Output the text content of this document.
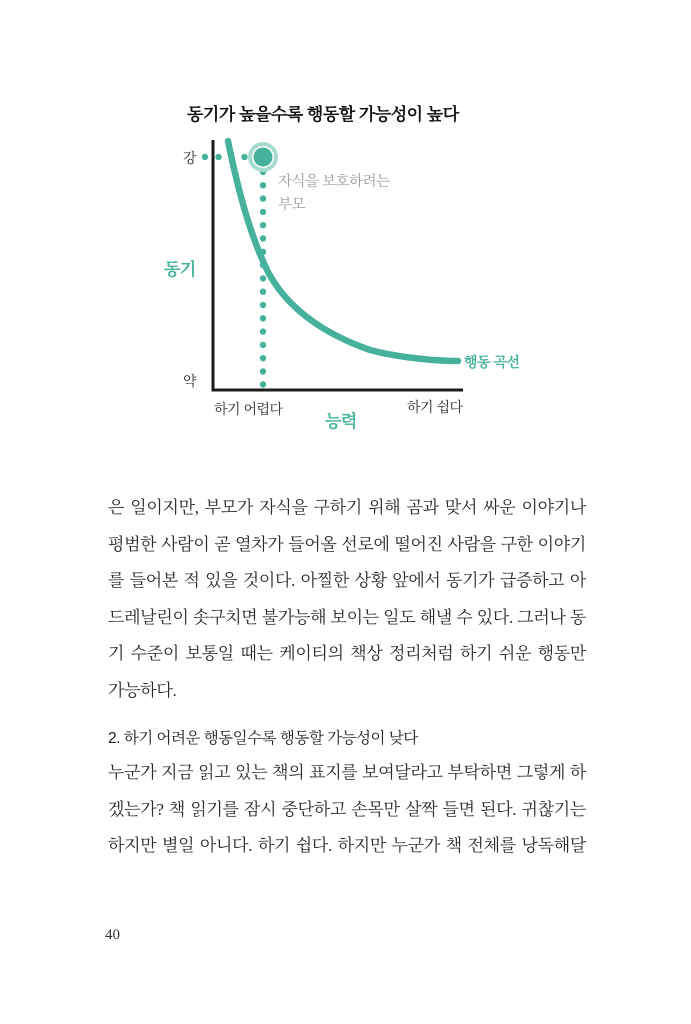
동기가 높을수록 행동할 가능성이 높다
강
약
동기
하기 어렵다	하기 쉽다
능력
행동 곡선
자식을 보호하려는
부모
은 일이지만, 부모가 자식을 구하기 위해 곰과 맞서 싸운 이야기나
평범한 사람이 곧 열차가 들어올 선로에 떨어진 사람을 구한 이야기
를 들어본 적 있을 것이다. 아찔한 상황 앞에서 동기가 급증하고 아
드레날린이 솟구치면 불가능해 보이는 일도 해낼 수 있다. 그러나 동
기 수준이 보통일 때는 케이티의 책상 정리처럼 하기 쉬운 행동만
가능하다.
2. 하기 어려운 행동일수록 행동할 가능성이 낮다
누군가 지금 읽고 있는 책의 표지를 보여달라고 부탁하면 그렇게 하
겠는가? 책 읽기를 잠시 중단하고 손목만 살짝 들면 된다. 귀찮기는
하지만 별일 아니다. 하기 쉽다. 하지만 누군가 책 전체를 낭독해달
40
